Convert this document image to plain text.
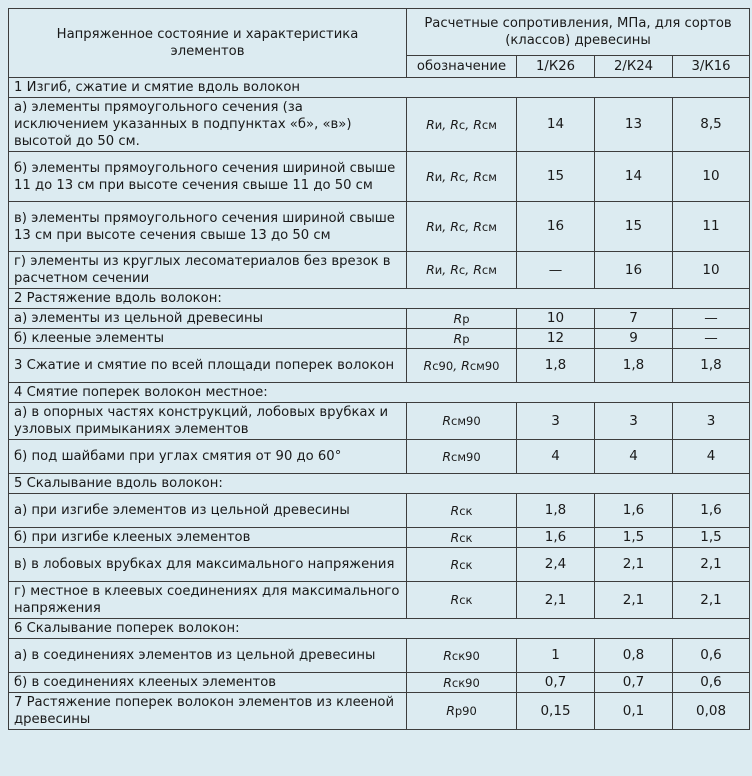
Напряженное состояние и характеристика элементов	Расчетные сопротивления, МПа, для сортов (классов) древесины			
	обозначение	1/К26	2/К24	3/К16
1 Изгиб, сжатие и смятие вдоль волокон				
а) элементы прямоугольного сечения (за исключением указанных в подпунктах «б», «в») высотой до 50 см.	Rи, Rc, Rсм	14	13	8,5
б) элементы прямоугольного сечения шириной свыше 11 до 13 см при высоте сечения свыше 11 до 50 см	Rи, Rc, Rсм	15	14	10
в) элементы прямоугольного сечения шириной свыше 13 см при высоте сечения свыше 13 до 50 см	Rи, Rc, Rсм	16	15	11
г) элементы из круглых лесоматериалов без врезок в расчетном сечении	Rи, Rc, Rсм	—	16	10
2 Растяжение вдоль волокон:				
а) элементы из цельной древесины	Rр	10	7	—
б) клееные элементы	Rр	12	9	—
3 Сжатие и смятие по всей площади поперек волокон	Rс90, Rсм90	1,8	1,8	1,8
4 Смятие поперек волокон местное:				
а) в опорных частях конструкций, лобовых врубках и узловых примыканиях элементов	Rсм90	3	3	3
б) под шайбами при углах смятия от 90 до 60°	Rсм90	4	4	4
5 Скалывание вдоль волокон:				
а) при изгибе элементов из цельной древесины	Rск	1,8	1,6	1,6
б) при изгибе клееных элементов	Rск	1,6	1,5	1,5
в) в лобовых врубках для максимального напряжения	Rск	2,4	2,1	2,1
г) местное в клеевых соединениях для максимального напряжения	Rск	2,1	2,1	2,1
6 Скалывание поперек волокон:				
а) в соединениях элементов из цельной древесины	Rск90	1	0,8	0,6
б) в соединениях клееных элементов	Rск90	0,7	0,7	0,6
7 Растяжение поперек волокон элементов из клееной древесины	Rр90	0,15	0,1	0,08
